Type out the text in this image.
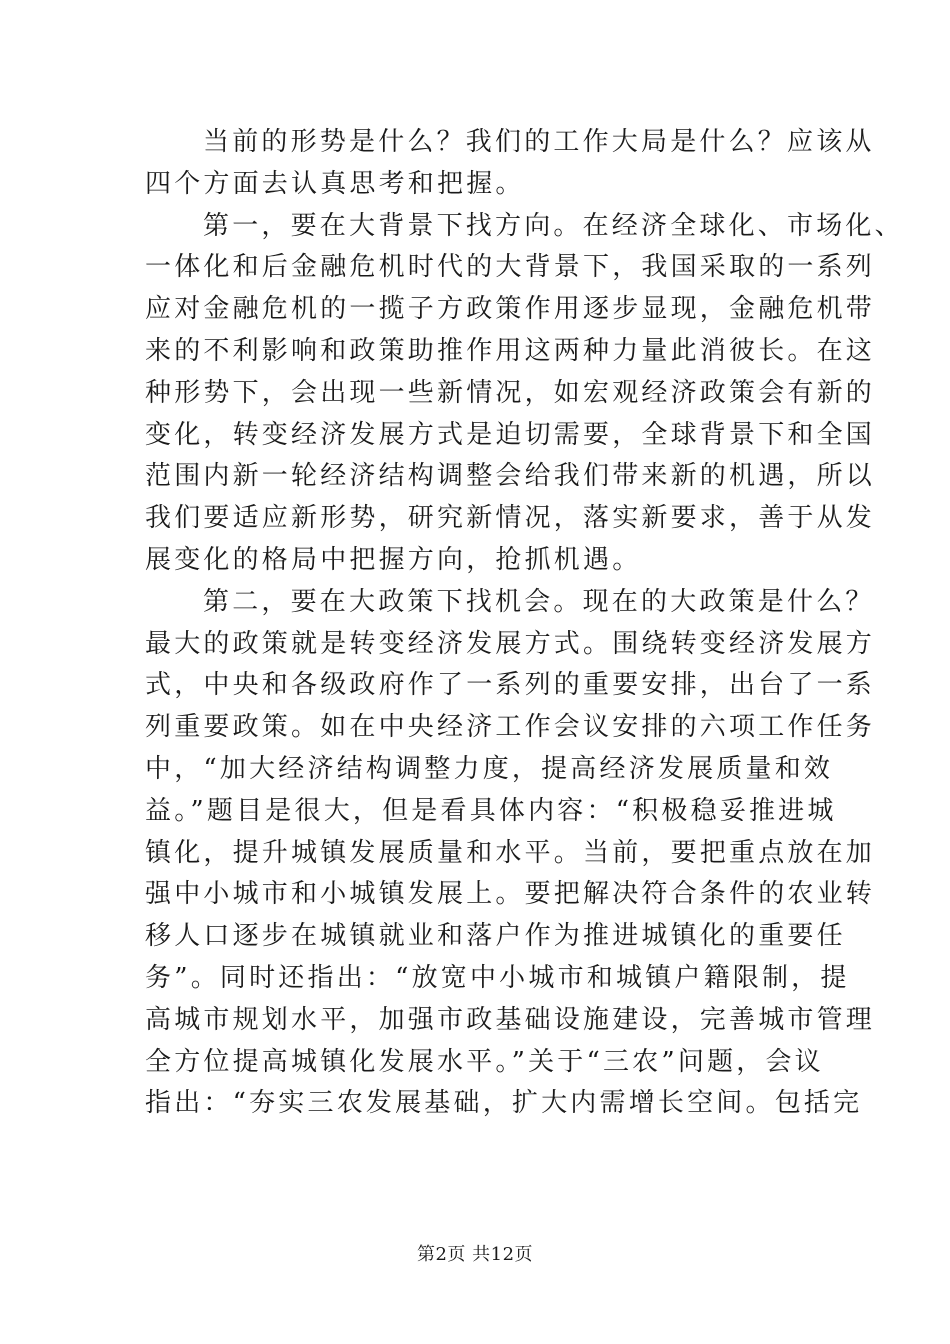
当前的形势是什么？我们的工作大局是什么？应该从
四个方面去认真思考和把握。
第一，要在大背景下找方向。在经济全球化、市场化、
一体化和后金融危机时代的大背景下，我国采取的一系列
应对金融危机的一揽子方政策作用逐步显现，金融危机带
来的不利影响和政策助推作用这两种力量此消彼长。在这
种形势下，会出现一些新情况，如宏观经济政策会有新的
变化，转变经济发展方式是迫切需要，全球背景下和全国
范围内新一轮经济结构调整会给我们带来新的机遇，所以
我们要适应新形势，研究新情况，落实新要求，善于从发
展变化的格局中把握方向，抢抓机遇。
第二，要在大政策下找机会。现在的大政策是什么？
最大的政策就是转变经济发展方式。围绕转变经济发展方
式，中央和各级政府作了一系列的重要安排，出台了一系
列重要政策。如在中央经济工作会议安排的六项工作任务
中，“加大经济结构调整力度，提高经济发展质量和效
益。”题目是很大，但是看具体内容：“积极稳妥推进城
镇化，提升城镇发展质量和水平。当前，要把重点放在加
强中小城市和小城镇发展上。要把解决符合条件的农业转
移人口逐步在城镇就业和落户作为推进城镇化的重要任
务”。同时还指出：“放宽中小城市和城镇户籍限制，提
高城市规划水平，加强市政基础设施建设，完善城市管理
全方位提高城镇化发展水平。”关于“三农”问题，会议
指出：“夯实三农发展基础，扩大内需增长空间。包括完
第2页 共12页
